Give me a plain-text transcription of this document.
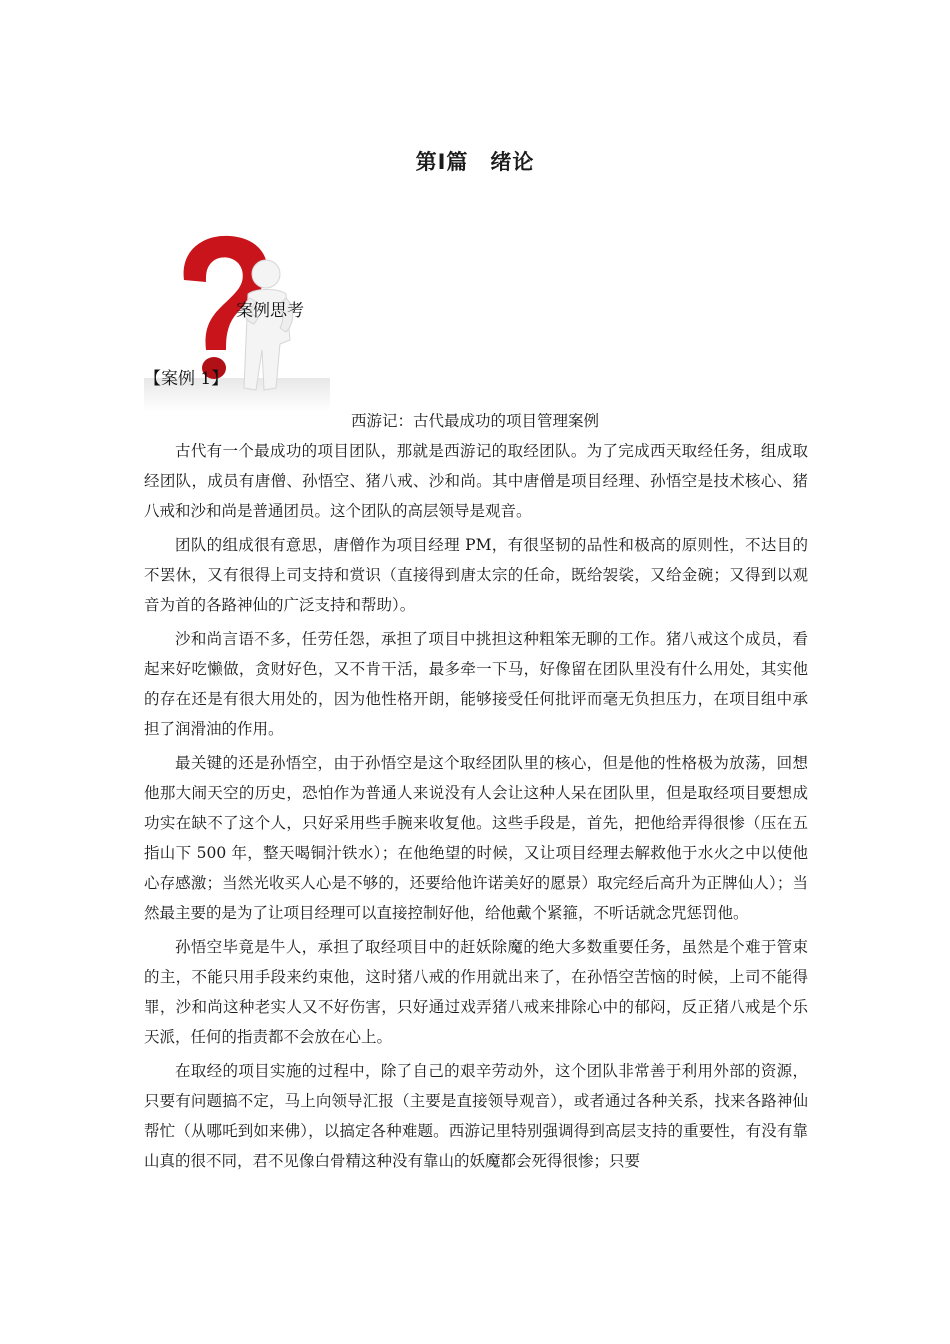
第Ⅰ篇　绪论
案例思考
【案例 1】
西游记：古代最成功的项目管理案例

古代有一个最成功的项目团队，那就是西游记的取经团队。为了完成西天取经任务，组成取经团队，成员有唐僧、孙悟空、猪八戒、沙和尚。其中唐僧是项目经理、孙悟空是技术核心、猪八戒和沙和尚是普通团员。这个团队的高层领导是观音。

团队的组成很有意思，唐僧作为项目经理 PM，有很坚韧的品性和极高的原则性，不达目的不罢休，又有很得上司支持和赏识（直接得到唐太宗的任命，既给袈裟，又给金碗；又得到以观音为首的各路神仙的广泛支持和帮助）。

沙和尚言语不多，任劳任怨，承担了项目中挑担这种粗笨无聊的工作。猪八戒这个成员，看起来好吃懒做，贪财好色，又不肯干活，最多牵一下马，好像留在团队里没有什么用处，其实他的存在还是有很大用处的，因为他性格开朗，能够接受任何批评而毫无负担压力，在项目组中承担了润滑油的作用。

最关键的还是孙悟空，由于孙悟空是这个取经团队里的核心，但是他的性格极为放荡，回想他那大闹天空的历史，恐怕作为普通人来说没有人会让这种人呆在团队里，但是取经项目要想成功实在缺不了这个人，只好采用些手腕来收复他。这些手段是，首先，把他给弄得很惨（压在五指山下 500 年，整天喝铜汁铁水）；在他绝望的时候，又让项目经理去解救他于水火之中以使他心存感激；当然光收买人心是不够的，还要给他许诺美好的愿景）取完经后高升为正牌仙人）；当然最主要的是为了让项目经理可以直接控制好他，给他戴个紧箍，不听话就念咒惩罚他。

孙悟空毕竟是牛人，承担了取经项目中的赶妖除魔的绝大多数重要任务，虽然是个难于管束的主，不能只用手段来约束他，这时猪八戒的作用就出来了，在孙悟空苦恼的时候，上司不能得罪，沙和尚这种老实人又不好伤害，只好通过戏弄猪八戒来排除心中的郁闷，反正猪八戒是个乐天派，任何的指责都不会放在心上。

在取经的项目实施的过程中，除了自己的艰辛劳动外，这个团队非常善于利用外部的资源，只要有问题搞不定，马上向领导汇报（主要是直接领导观音），或者通过各种关系，找来各路神仙帮忙（从哪吒到如来佛），以搞定各种难题。西游记里特别强调得到高层支持的重要性，有没有靠山真的很不同，君不见像白骨精这种没有靠山的妖魔都会死得很惨；只要
